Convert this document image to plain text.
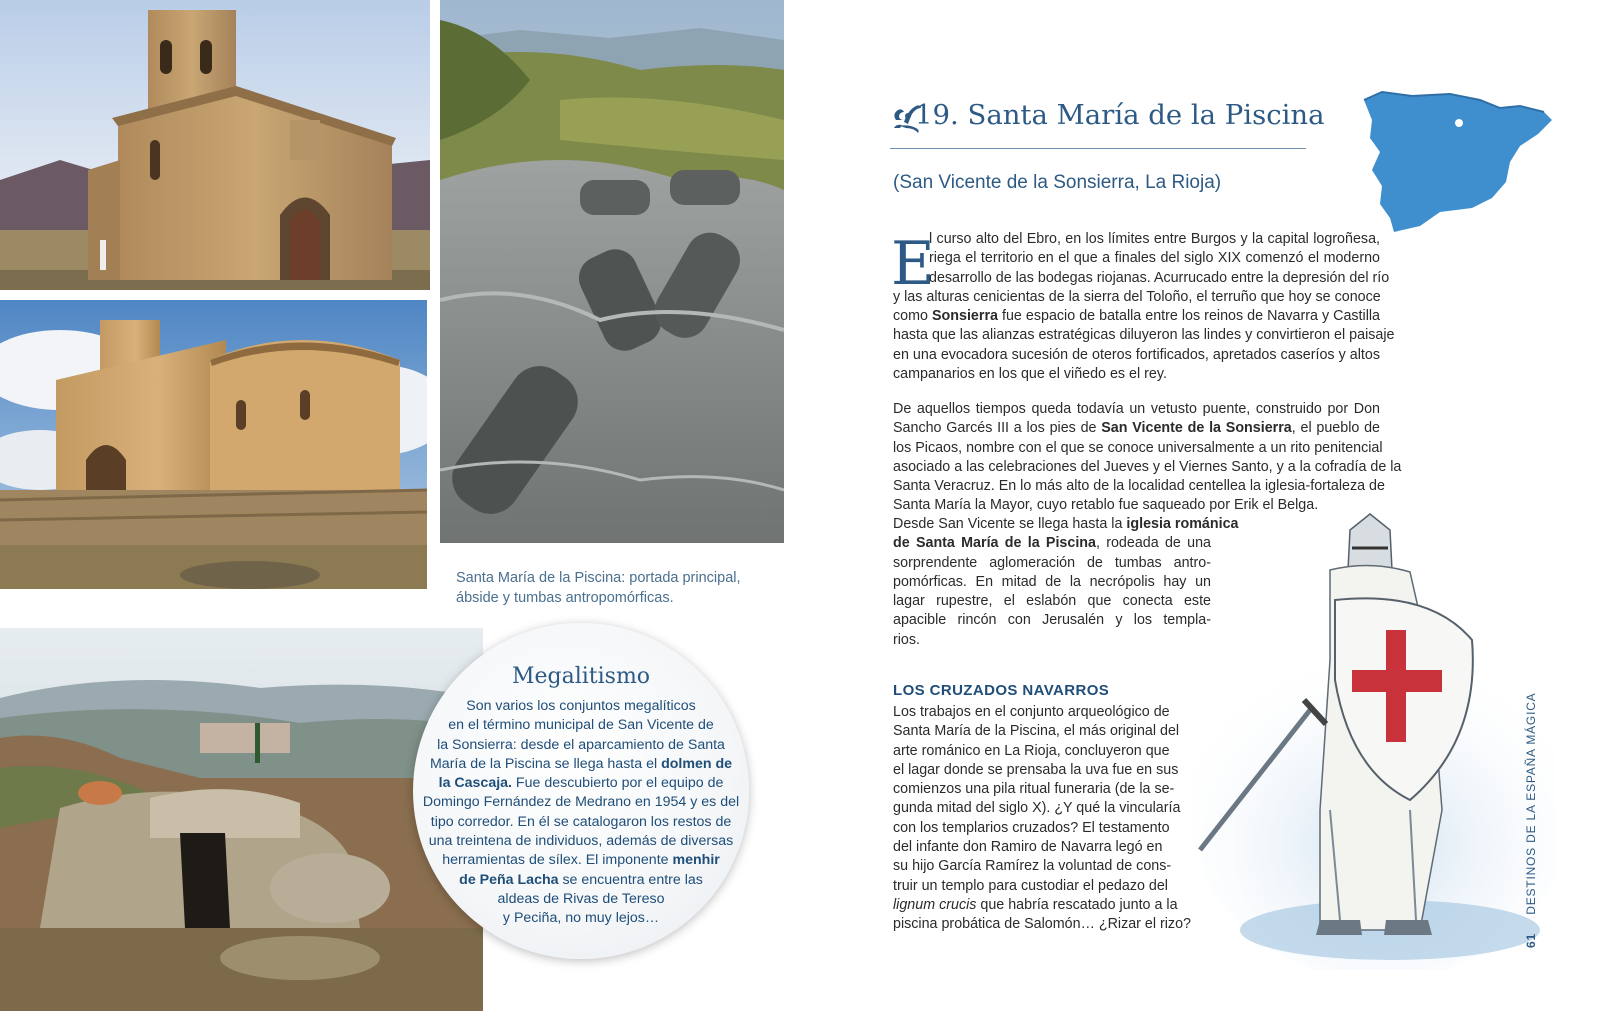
Santa María de la Piscina: portada principal,
ábside y tumbas antropomórficas.
Megalitismo
Son varios los conjuntos megalíticos
en el término municipal de San Vicente de
la Sonsierra: desde el aparcamiento de Santa
María de la Piscina se llega hasta el dolmen de
la Cascaja. Fue descubierto por el equipo de
Domingo Fernández de Medrano en 1954 y es del
tipo corredor. En él se catalogaron los restos de
una treintena de individuos, además de diversas
herramientas de sílex. El imponente menhir
de Peña Lacha se encuentra entre las
aldeas de Rivas de Tereso
y Peciña, no muy lejos…
19. Santa María de la Piscina
(San Vicente de la Sonsierra, La Rioja)
E
l curso alto del Ebro, en los límites entre Burgos y la capital logroñesa,
riega el territorio en el que a finales del siglo XIX comenzó el moderno
desarrollo de las bodegas riojanas. Acurrucado entre la depresión del río
y las alturas cenicientas de la sierra del Toloño, el terruño que hoy se conoce
como Sonsierra fue espacio de batalla entre los reinos de Navarra y Castilla
hasta que las alianzas estratégicas diluyeron las lindes y convirtieron el paisaje
en una evocadora sucesión de oteros fortificados, apretados caseríos y altos
campanarios en los que el viñedo es el rey.
De aquellos tiempos queda todavía un vetusto puente, construido por Don
Sancho Garcés III a los pies de San Vicente de la Sonsierra, el pueblo de
los Picaos, nombre con el que se conoce universalmente a un rito penitencial
asociado a las celebraciones del Jueves y el Viernes Santo, y a la cofradía de la
Santa Veracruz. En lo más alto de la localidad centellea la iglesia-fortaleza de
Santa María la Mayor, cuyo retablo fue saqueado por Erik el Belga.
Desde San Vicente se llega hasta la iglesia románica
de Santa María de la Piscina, rodeada de una
sorprendente aglomeración de tumbas antro-
pomórficas. En mitad de la necrópolis hay un
lagar rupestre, el eslabón que conecta este
apacible rincón con Jerusalén y los templa-
rios.
LOS CRUZADOS NAVARROS
Los trabajos en el conjunto arqueológico de
Santa María de la Piscina, el más original del
arte románico en La Rioja, concluyeron que
el lagar donde se prensaba la uva fue en sus
comienzos una pila ritual funeraria (de la se-
gunda mitad del siglo X). ¿Y qué la vincularía
con los templarios cruzados? El testamento
del infante don Ramiro de Navarra legó en
su hijo García Ramírez la voluntad de cons-
truir un templo para custodiar el pedazo del
lignum crucis que habría rescatado junto a la
piscina probática de Salomón… ¿Rizar el rizo?
61  DESTINOS DE LA ESPAÑA MÁGICA
